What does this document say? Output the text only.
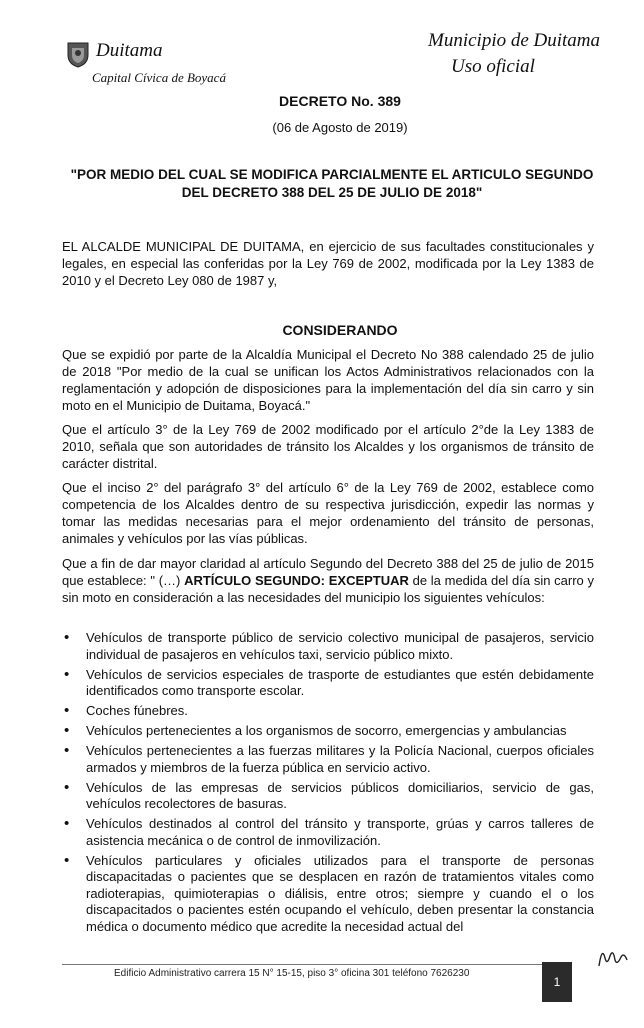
Duitama
Capital Cívica de Boyacá
Municipio de Duitama
Uso oficial
DECRETO No. 389
(06 de Agosto de 2019)
"POR MEDIO DEL CUAL SE MODIFICA PARCIALMENTE EL ARTICULO SEGUNDO DEL DECRETO 388 DEL 25 DE JULIO DE 2018"
EL ALCALDE MUNICIPAL DE DUITAMA, en ejercicio de sus facultades constitucionales y legales, en especial las conferidas por la Ley 769 de 2002, modificada por la Ley 1383 de 2010 y el Decreto Ley 080 de 1987 y,
CONSIDERANDO
Que se expidió por parte de la Alcaldía Municipal el Decreto No 388 calendado 25 de julio de 2018 "Por medio de la cual se unifican los Actos Administrativos relacionados con la reglamentación y adopción de disposiciones para la implementación del día sin carro y sin moto en el Municipio de Duitama, Boyacá."
Que el artículo 3° de la Ley 769 de 2002 modificado por el artículo 2°de la Ley 1383 de 2010, señala que son autoridades de tránsito los Alcaldes y los organismos de tránsito de carácter distrital.
Que el inciso 2° del parágrafo 3° del artículo 6° de la Ley 769 de 2002, establece como competencia de los Alcaldes dentro de su respectiva jurisdicción, expedir las normas y tomar las medidas necesarias para el mejor ordenamiento del tránsito de personas, animales y vehículos por las vías públicas.
Que a fin de dar mayor claridad al artículo Segundo del Decreto 388 del 25 de julio de 2015 que establece: " (…) ARTÍCULO SEGUNDO: EXCEPTUAR de la medida del día sin carro y sin moto en consideración a las necesidades del municipio los siguientes vehículos:
• Vehículos de transporte público de servicio colectivo municipal de pasajeros, servicio individual de pasajeros en vehículos taxi, servicio público mixto.
• Vehículos de servicios especiales de trasporte de estudiantes que estén debidamente identificados como transporte escolar.
• Coches fúnebres.
• Vehículos pertenecientes a los organismos de socorro, emergencias y ambulancias
• Vehículos pertenecientes a las fuerzas militares y la Policía Nacional, cuerpos oficiales armados y miembros de la fuerza pública en servicio activo.
• Vehículos de las empresas de servicios públicos domiciliarios, servicio de gas, vehículos recolectores de basuras.
• Vehículos destinados al control del tránsito y transporte, grúas y carros talleres de asistencia mecánica o de control de inmovilización.
• Vehículos particulares y oficiales utilizados para el transporte de personas discapacitadas o pacientes que se desplacen en razón de tratamientos vitales como radioterapias, quimioterapias o diálisis, entre otros; siempre y cuando el o los discapacitados o pacientes estén ocupando el vehículo, deben presentar la constancia médica o documento médico que acredite la necesidad actual del
Edificio Administrativo carrera 15 N° 15-15, piso 3° oficina 301 teléfono 7626230
1
